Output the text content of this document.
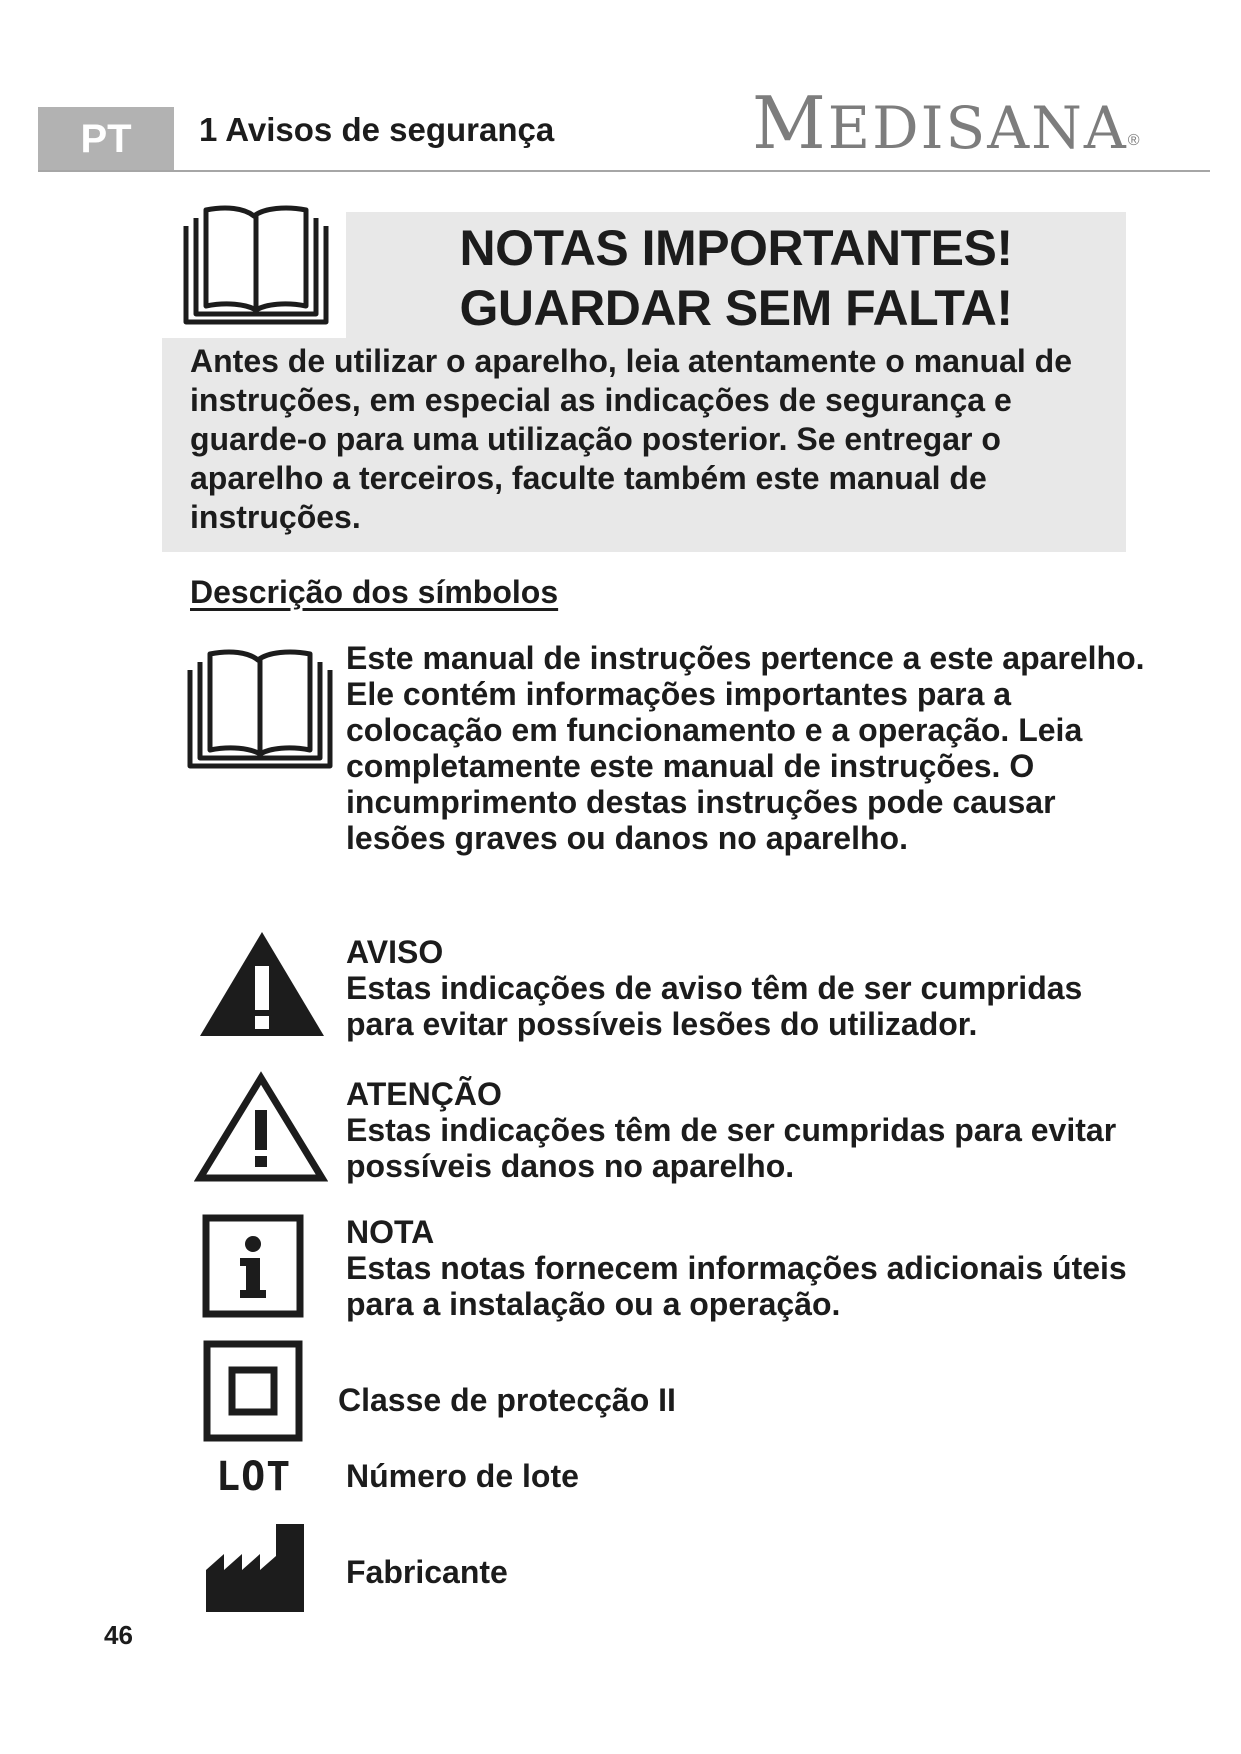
PT	1 Avisos de segurança	MEDISANA®
NOTAS IMPORTANTES!
GUARDAR SEM FALTA!
Antes de utilizar o aparelho, leia atentamente o manual de instruções, em especial as indicações de segurança e guarde-o para uma utilização posterior. Se entregar o aparelho a terceiros, facult​e também este manual de instruções.
Descrição dos símbolos
Este manual de instruções pertence a este aparelho. Ele contém informações importantes para a colocação em funcionamento e a operação. Leia completamente este manual de instruções. O incumprimento destas instruções pode causar lesões graves ou danos no aparelho.
AVISO
Estas indicações de aviso têm de ser cumpridas para evitar possíveis lesões do utilizador.
ATENÇÃO
Estas indicações têm de ser cumpridas para evitar possíveis danos no aparelho.
NOTA
Estas notas fornecem informações adicionais úteis para a instalação ou a operação.
Classe de protecção II
LOT Número de lote
Fabricante
46
